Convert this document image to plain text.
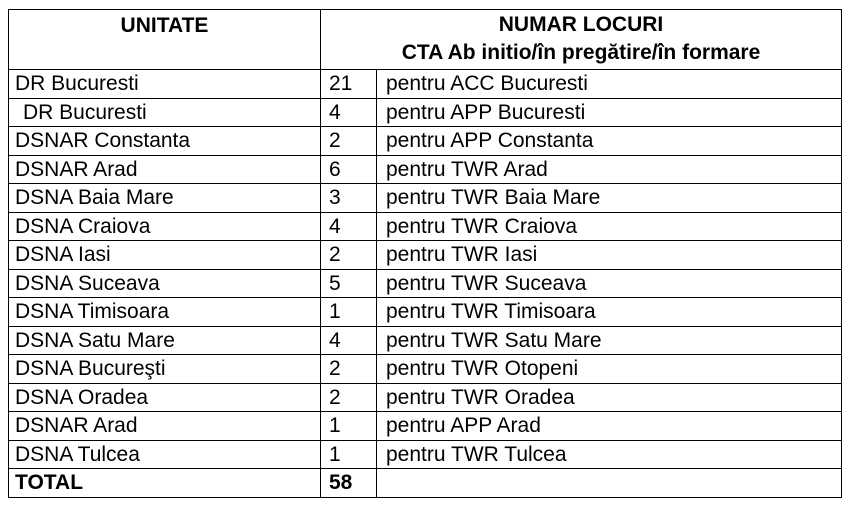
UNITATE	NUMAR LOCURI
CTA Ab initio/în pregătire/în formare	

DR Bucuresti	21	pentru ACC Bucuresti
DR Bucuresti	4	pentru APP Bucuresti
DSNAR Constanta	2	pentru APP Constanta
DSNAR Arad	6	pentru TWR Arad
DSNA Baia Mare	3	pentru TWR Baia Mare
DSNA Craiova	4	pentru TWR Craiova
DSNA Iasi	2	pentru TWR Iasi
DSNA Suceava	5	pentru TWR Suceava
DSNA Timisoara	1	pentru TWR Timisoara
DSNA Satu Mare	4	pentru TWR Satu Mare
DSNA Bucureşti	2	pentru TWR Otopeni
DSNA Oradea	2	pentru TWR Oradea
DSNAR Arad	1	pentru APP Arad
DSNA Tulcea	1	pentru TWR Tulcea
TOTAL	58	
